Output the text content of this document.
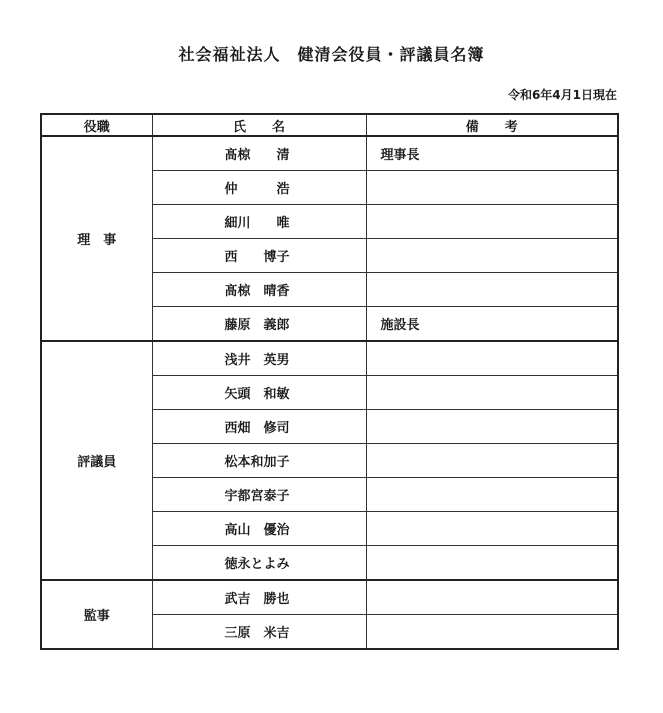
社会福祉法人　健清会役員・評議員名簿
令和6年4月1日現在
役職	氏　　名	備　　考
理　事	髙椋　　清	理事長
	仲　　　浩	
	細川　　唯	
	西　　博子	
	髙椋　晴香	
	藤原　義郎	施設長
評議員	浅井　英男	
	矢頭　和敏	
	西畑　修司	
	松本和加子	
	宇都宮泰子	
	高山　優治	
	徳永とよみ	
監事	武吉　勝也	
	三原　米吉	
